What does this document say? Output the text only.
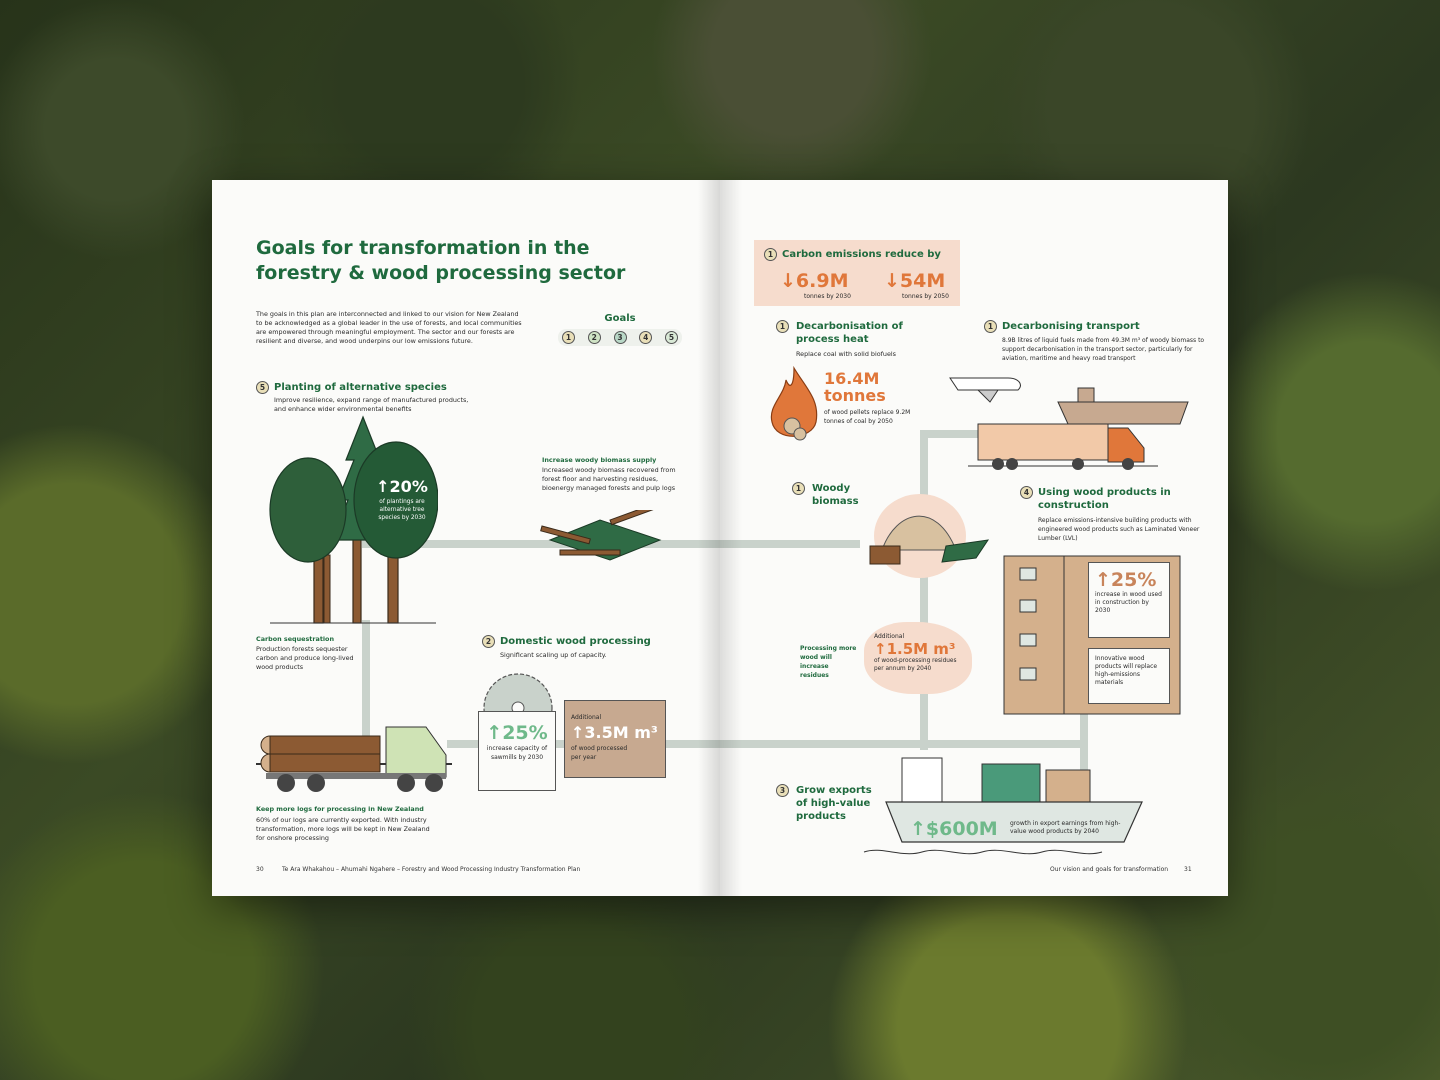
Goals for transformation in the forestry & wood processing sector
The goals in this plan are interconnected and linked to our vision for New Zealand to be acknowledged as a global leader in the use of forests, and local communities are empowered through meaningful employment. The sector and our forests are resilient and diverse, and wood underpins our low emissions future.
Goals
1	2	3	4	5
5 Planting of alternative species
Improve resilience, expand range of manufactured products, and enhance wider environmental benefits
↑20%
of plantings are alternative tree species by 2030
Increase woody biomass supply
Increased woody biomass recovered from forest floor and harvesting residues, bioenergy managed forests and pulp logs
Carbon sequestration
Production forests sequester carbon and produce long-lived wood products
2 Domestic wood processing
Significant scaling up of capacity.
↑25%
increase capacity of sawmills by 2030
Additional
↑3.5M m³
of wood processed per year
Keep more logs for processing in New Zealand
60% of our logs are currently exported. With industry transformation, more logs will be kept in New Zealand for onshore processing
30	Te Ara Whakahou – Ahumahi Ngahere – Forestry and Wood Processing Industry Transformation Plan
1 Carbon emissions reduce by
↓6.9M
tonnes by 2030
↓54M
tonnes by 2050
1	Decarbonisation of process heat
Replace coal with solid biofuels
16.4M tonnes
of wood pellets replace 9.2M tonnes of coal by 2050
1 Decarbonising transport
8.9B litres of liquid fuels made from 49.3M m³ of woody biomass to support decarbonisation in the transport sector, particularly for aviation, maritime and heavy road transport
1	Woody biomass
Processing more wood will increase residues
Additional
↑1.5M m³
of wood-processing residues per annum by 2040
4 Using wood products in construction
Replace emissions-intensive building products with engineered wood products such as Laminated Veneer Lumber (LVL)
↑25%
increase in wood used in construction by 2030
Innovative wood products will replace high-emissions materials
3	Grow exports of high-value products
↑$600M growth in export earnings from high-value wood products by 2040
Our vision and goals for transformation	31
